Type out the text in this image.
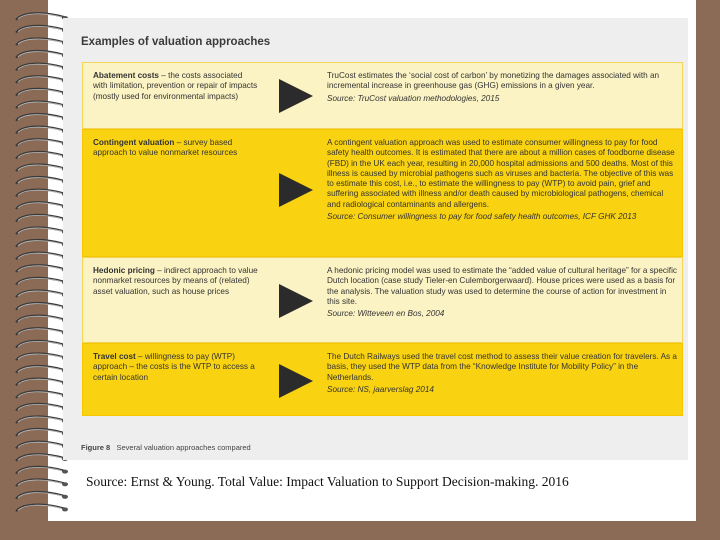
Examples of valuation approaches
Abatement costs – the costs associated with limitation, prevention or repair of impacts (mostly used for environmental impacts)
TruCost estimates the ‘social cost of carbon’ by monetizing the damages associated with an incremental increase in greenhouse gas (GHG) emissions in a given year.
Source: TruCost valuation methodologies, 2015
Contingent valuation – survey based approach to value nonmarket resources
A contingent valuation approach was used to estimate consumer willingness to pay for food safety health outcomes. It is estimated that there are about a million cases of foodborne disease (FBD) in the UK each year, resulting in 20,000 hospital admissions and 500 deaths. Most of this illness is caused by microbial pathogens such as viruses and bacteria. The objective of this was to estimate this cost, i.e., to estimate the willingness to pay (WTP) to avoid pain, grief and suffering associated with illness and/or death caused by microbiological pathogens, chemical and radiological contaminants and allergens.
Source: Consumer willingness to pay for food safety health outcomes, ICF GHK 2013
Hedonic pricing – indirect approach to value nonmarket resources by means of (related) asset valuation, such as house prices
A hedonic pricing model was used to estimate the “added value of cultural heritage” for a specific Dutch location (case study Tieler-en Culemborgerwaard). House prices were used as a basis for the analysis. The valuation study was used to determine the course of action for investment in this site.
Source: Witteveen en Bos, 2004
Travel cost – willingness to pay (WTP) approach – the costs is the WTP to access a certain location
The Dutch Railways used the travel cost method to assess their value creation for travelers. As a basis, they used the WTP data from the “Knowledge Institute for Mobility Policy” in the Netherlands.
Source: NS, jaarverslag 2014
Figure 8 Several valuation approaches compared
Source: Ernst & Young. Total Value: Impact Valuation to Support Decision-making. 2016
